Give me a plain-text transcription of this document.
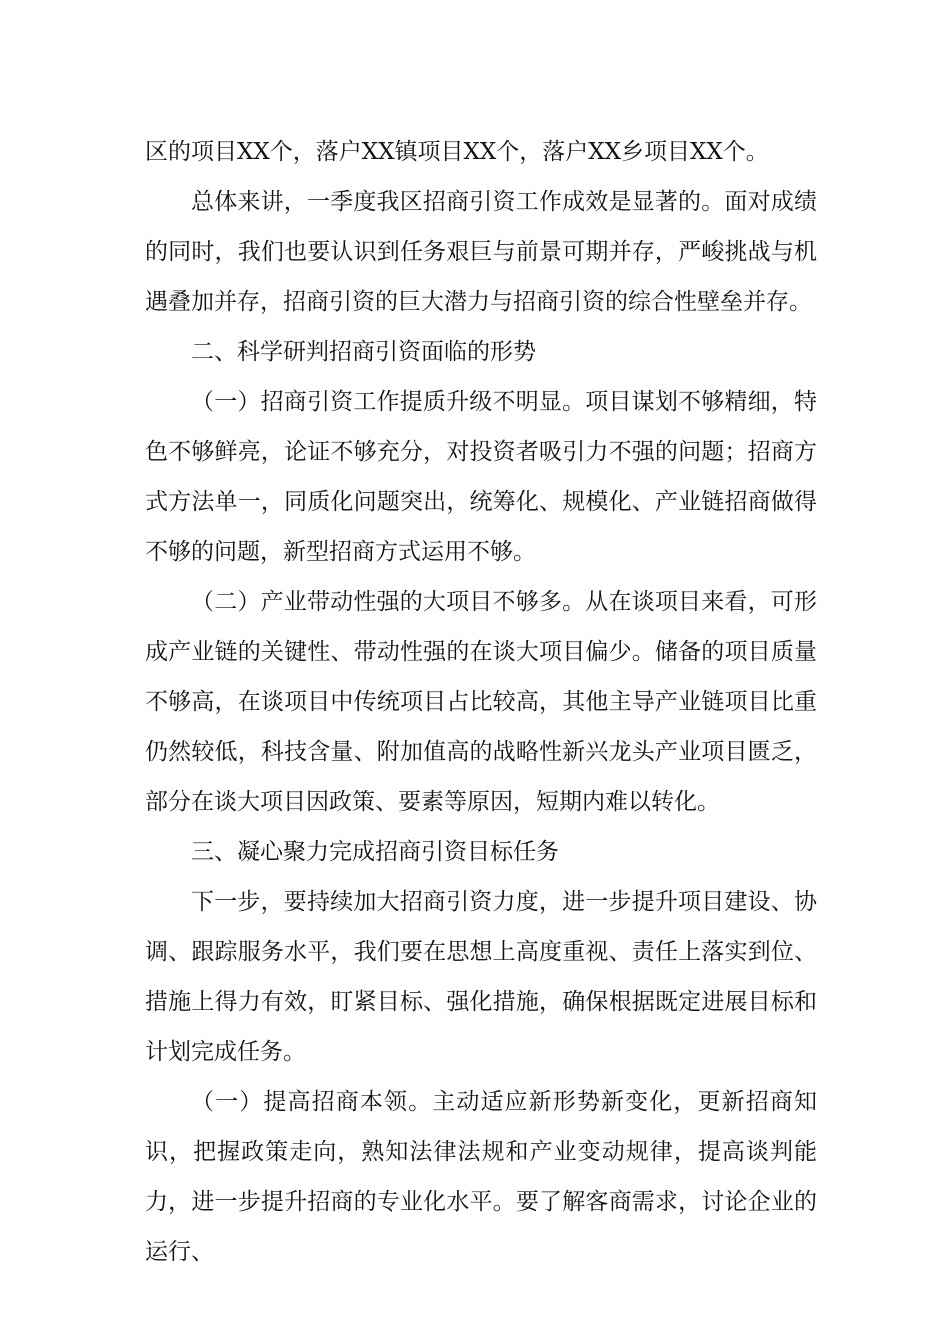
区的项目XX个，落户XX镇项目XX个，落户XX乡项目XX个。

总体来讲，一季度我区招商引资工作成效是显著的。面对成绩的同时，我们也要认识到任务艰巨与前景可期并存，严峻挑战与机遇叠加并存，招商引资的巨大潜力与招商引资的综合性壁垒并存。

二、科学研判招商引资面临的形势

（一）招商引资工作提质升级不明显。项目谋划不够精细，特色不够鲜亮，论证不够充分，对投资者吸引力不强的问题；招商方式方法单一，同质化问题突出，统筹化、规模化、产业链招商做得不够的问题，新型招商方式运用不够。

（二）产业带动性强的大项目不够多。从在谈项目来看，可形成产业链的关键性、带动性强的在谈大项目偏少。储备的项目质量不够高，在谈项目中传统项目占比较高，其他主导产业链项目比重仍然较低，科技含量、附加值高的战略性新兴龙头产业项目匮乏，部分在谈大项目因政策、要素等原因，短期内难以转化。

三、凝心聚力完成招商引资目标任务

下一步，要持续加大招商引资力度，进一步提升项目建设、协调、跟踪服务水平，我们要在思想上高度重视、责任上落实到位、措施上得力有效，盯紧目标、强化措施，确保根据既定进展目标和计划完成任务。

（一）提高招商本领。主动适应新形势新变化，更新招商知识，把握政策走向，熟知法律法规和产业变动规律，提高谈判能力，进一步提升招商的专业化水平。要了解客商需求，讨论企业的运行、
